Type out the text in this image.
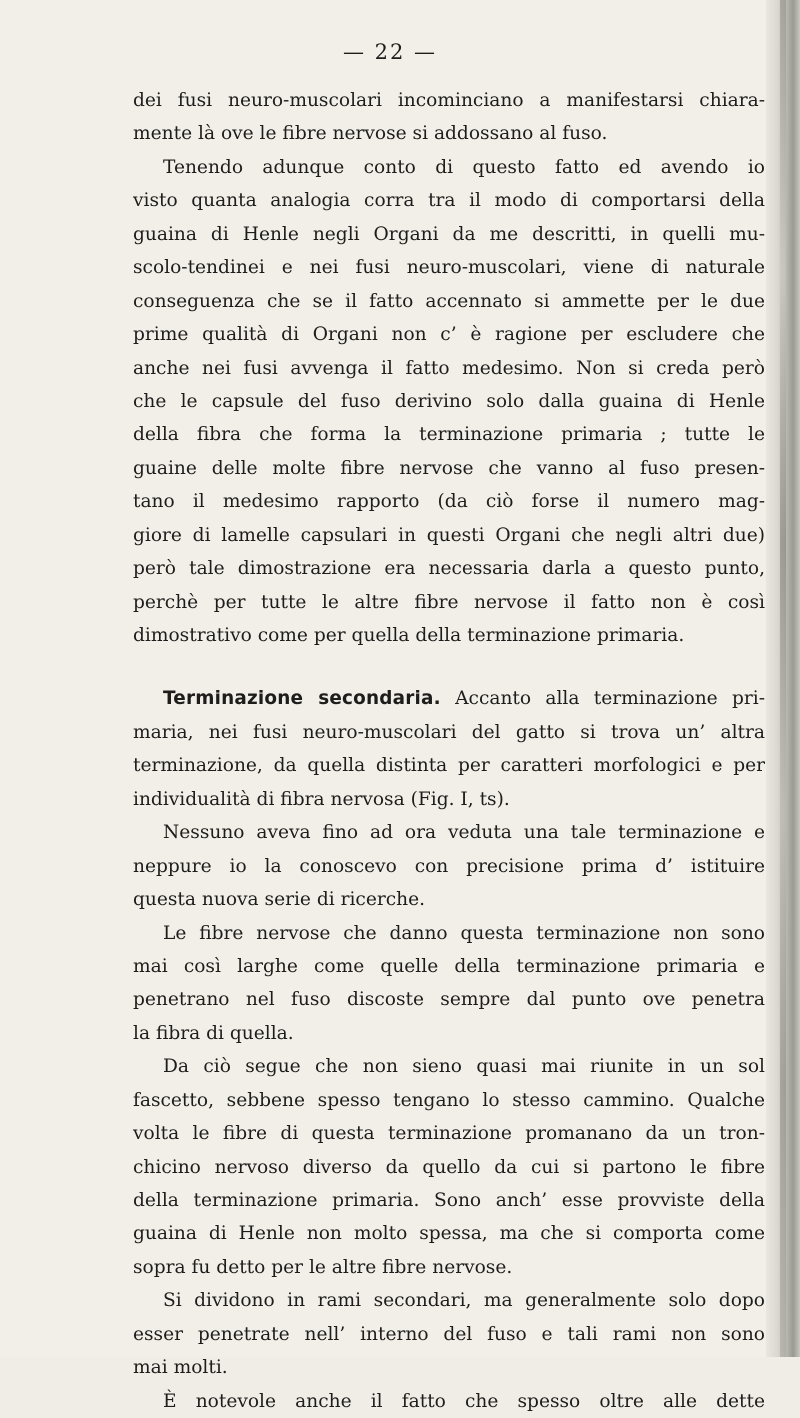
— 22 —
dei fusi neuro-muscolari incominciano a manifestarsi chiara-
mente là ove le fibre nervose si addossano al fuso.
Tenendo adunque conto di questo fatto ed avendo io
visto quanta analogia corra tra il modo di comportarsi della
guaina di Henle negli Organi da me descritti, in quelli mu-
scolo-tendinei e nei fusi neuro-muscolari, viene di naturale
conseguenza che se il fatto accennato si ammette per le due
prime qualità di Organi non c’ è ragione per escludere che
anche nei fusi avvenga il fatto medesimo. Non si creda però
che le capsule del fuso derivino solo dalla guaina di Henle
della fibra che forma la terminazione primaria ; tutte le
guaine delle molte fibre nervose che vanno al fuso presen-
tano il medesimo rapporto (da ciò forse il numero mag-
giore di lamelle capsulari in questi Organi che negli altri due)
però tale dimostrazione era necessaria darla a questo punto,
perchè per tutte le altre fibre nervose il fatto non è così
dimostrativo come per quella della terminazione primaria.
Terminazione secondaria. Accanto alla terminazione pri-
maria, nei fusi neuro-muscolari del gatto si trova un’ altra
terminazione, da quella distinta per caratteri morfologici e per
individualità di fibra nervosa (Fig. I, ts).
Nessuno aveva fino ad ora veduta una tale terminazione e
neppure io la conoscevo con precisione prima d’ istituire
questa nuova serie di ricerche.
Le fibre nervose che danno questa terminazione non sono
mai così larghe come quelle della terminazione primaria e
penetrano nel fuso discoste sempre dal punto ove penetra
la fibra di quella.
Da ciò segue che non sieno quasi mai riunite in un sol
fascetto, sebbene spesso tengano lo stesso cammino. Qualche
volta le fibre di questa terminazione promanano da un tron-
chicino nervoso diverso da quello da cui si partono le fibre
della terminazione primaria. Sono anch’ esse provviste della
guaina di Henle non molto spessa, ma che si comporta come
sopra fu detto per le altre fibre nervose.
Si dividono in rami secondari, ma generalmente solo dopo
esser penetrate nell’ interno del fuso e tali rami non sono
mai molti.
È notevole anche il fatto che spesso oltre alle dette
